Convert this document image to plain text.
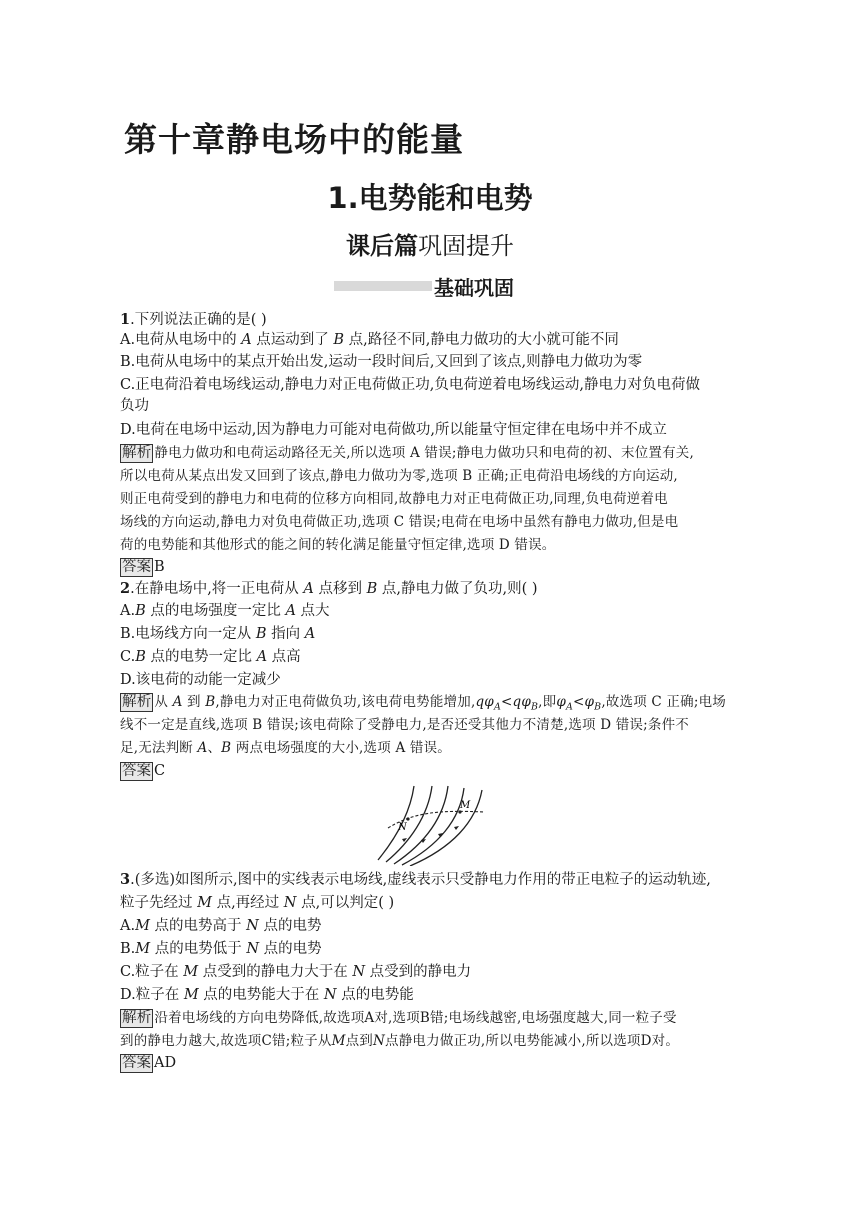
第十章静电场中的能量
1.电势能和电势
课后篇巩固提升
基础巩固
1.下列说法正确的是( )
A.电荷从电场中的 A 点运动到了 B 点,路径不同,静电力做功的大小就可能不同
B.电荷从电场中的某点开始出发,运动一段时间后,又回到了该点,则静电力做功为零
C.正电荷沿着电场线运动,静电力对正电荷做正功,负电荷逆着电场线运动,静电力对负电荷做
负功
D.电荷在电场中运动,因为静电力可能对电荷做功,所以能量守恒定律在电场中并不成立
解析 静电力做功和电荷运动路径无关,所以选项 A 错误;静电力做功只和电荷的初、末位置有关,
所以电荷从某点出发又回到了该点,静电力做功为零,选项 B 正确;正电荷沿电场线的方向运动,
则正电荷受到的静电力和电荷的位移方向相同,故静电力对正电荷做正功,同理,负电荷逆着电
场线的方向运动,静电力对负电荷做正功,选项 C 错误;电荷在电场中虽然有静电力做功,但是电
荷的电势能和其他形式的能之间的转化满足能量守恒定律,选项 D 错误。
答案 B
2.在静电场中,将一正电荷从 A 点移到 B 点,静电力做了负功,则( )
A.B 点的电场强度一定比 A 点大
B.电场线方向一定从 B 指向 A
C.B 点的电势一定比 A 点高
D.该电荷的动能一定减少
解析 从 A 到 B,静电力对正电荷做负功,该电荷电势能增加$,q\varphi_A<q\varphi_B$,即$\varphi_A<\varphi_B$,故选项 C 正确;电场
线不一定是直线,选项 B 错误;该电荷除了受静电力,是否还受其他力不清楚,选项 D 错误;条件不
足,无法判断 A、B 两点电场强度的大小,选项 A 错误。
答案 C
M
N
3.(多选)如图所示,图中的实线表示电场线,虚线表示只受静电力作用的带正电粒子的运动轨迹,
粒子先经过 M 点,再经过 N 点,可以判定( )
A.M 点的电势高于 N 点的电势
B.M 点的电势低于 N 点的电势
C.粒子在 M 点受到的静电力大于在 N 点受到的静电力
D.粒子在 M 点的电势能大于在 N 点的电势能
解析 沿着电场线的方向电势降低,故选项A对,选项B错;电场线越密,电场强度越大,同一粒子受
到的静电力越大,故选项C错;粒子从M点到N点静电力做正功,所以电势能减小,所以选项D对。
答案 AD
